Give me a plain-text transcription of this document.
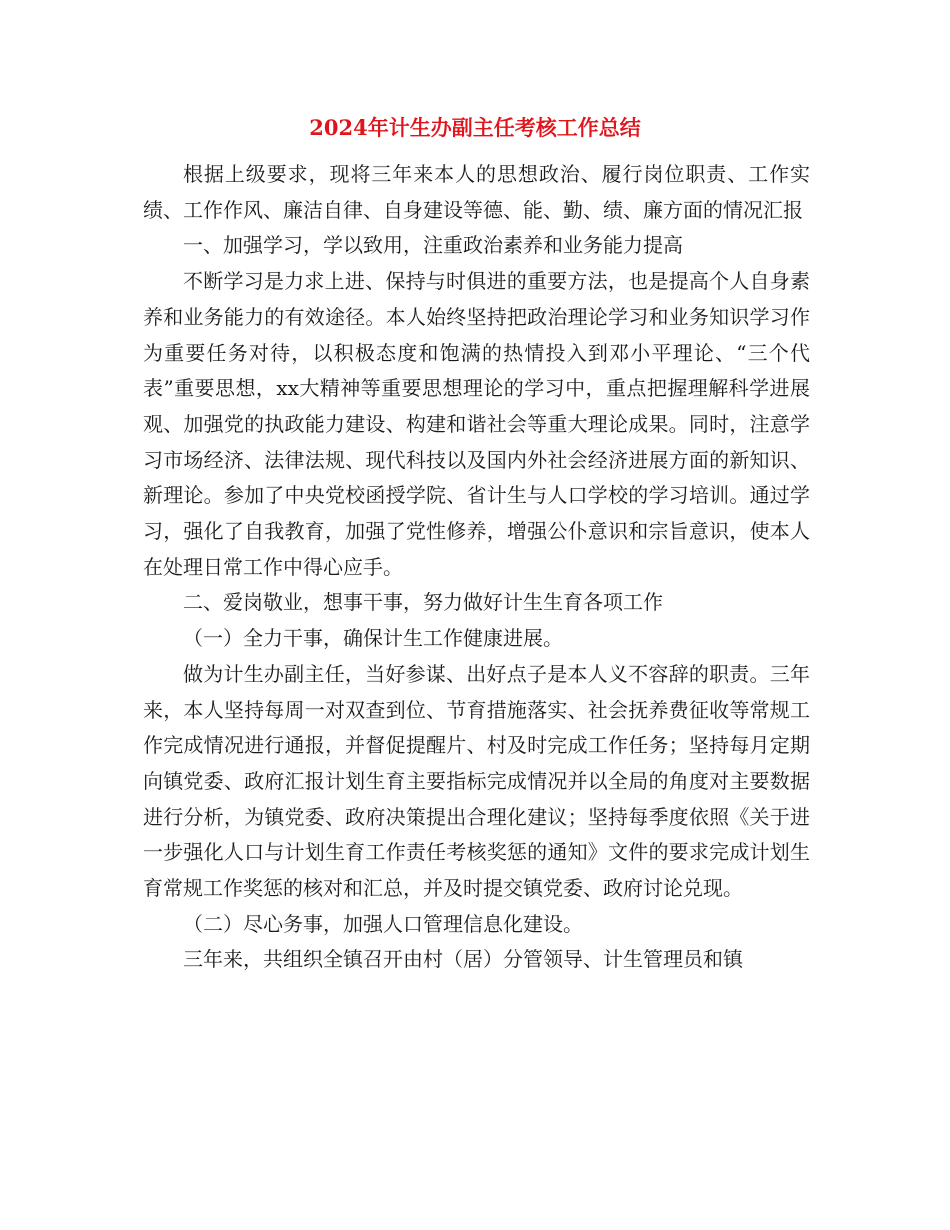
2024年计生办副主任考核工作总结

根据上级要求，现将三年来本人的思想政治、履行岗位职责、工作实绩、工作作风、廉洁自律、自身建设等德、能、勤、绩、廉方面的情况汇报

一、加强学习，学以致用，注重政治素养和业务能力提高

不断学习是力求上进、保持与时俱进的重要方法，也是提高个人自身素养和业务能力的有效途径。本人始终坚持把政治理论学习和业务知识学习作为重要任务对待，以积极态度和饱满的热情投入到邓小平理论、“三个代表”重要思想，xx大精神等重要思想理论的学习中，重点把握理解科学进展观、加强党的执政能力建设、构建和谐社会等重大理论成果。同时，注意学习市场经济、法律法规、现代科技以及国内外社会经济进展方面的新知识、新理论。参加了中央党校函授学院、省计生与人口学校的学习培训。通过学习，强化了自我教育，加强了党性修养，增强公仆意识和宗旨意识，使本人在处理日常工作中得心应手。

二、爱岗敬业，想事干事，努力做好计生生育各项工作

（一）全力干事，确保计生工作健康进展。

做为计生办副主任，当好参谋、出好点子是本人义不容辞的职责。三年来，本人坚持每周一对双查到位、节育措施落实、社会抚养费征收等常规工作完成情况进行通报，并督促提醒片、村及时完成工作任务；坚持每月定期向镇党委、政府汇报计划生育主要指标完成情况并以全局的角度对主要数据进行分析，为镇党委、政府决策提出合理化建议；坚持每季度依照《关于进一步强化人口与计划生育工作责任考核奖惩的通知》文件的要求完成计划生育常规工作奖惩的核对和汇总，并及时提交镇党委、政府讨论兑现。

（二）尽心务事，加强人口管理信息化建设。

三年来，共组织全镇召开由村（居）分管领导、计生管理员和镇
